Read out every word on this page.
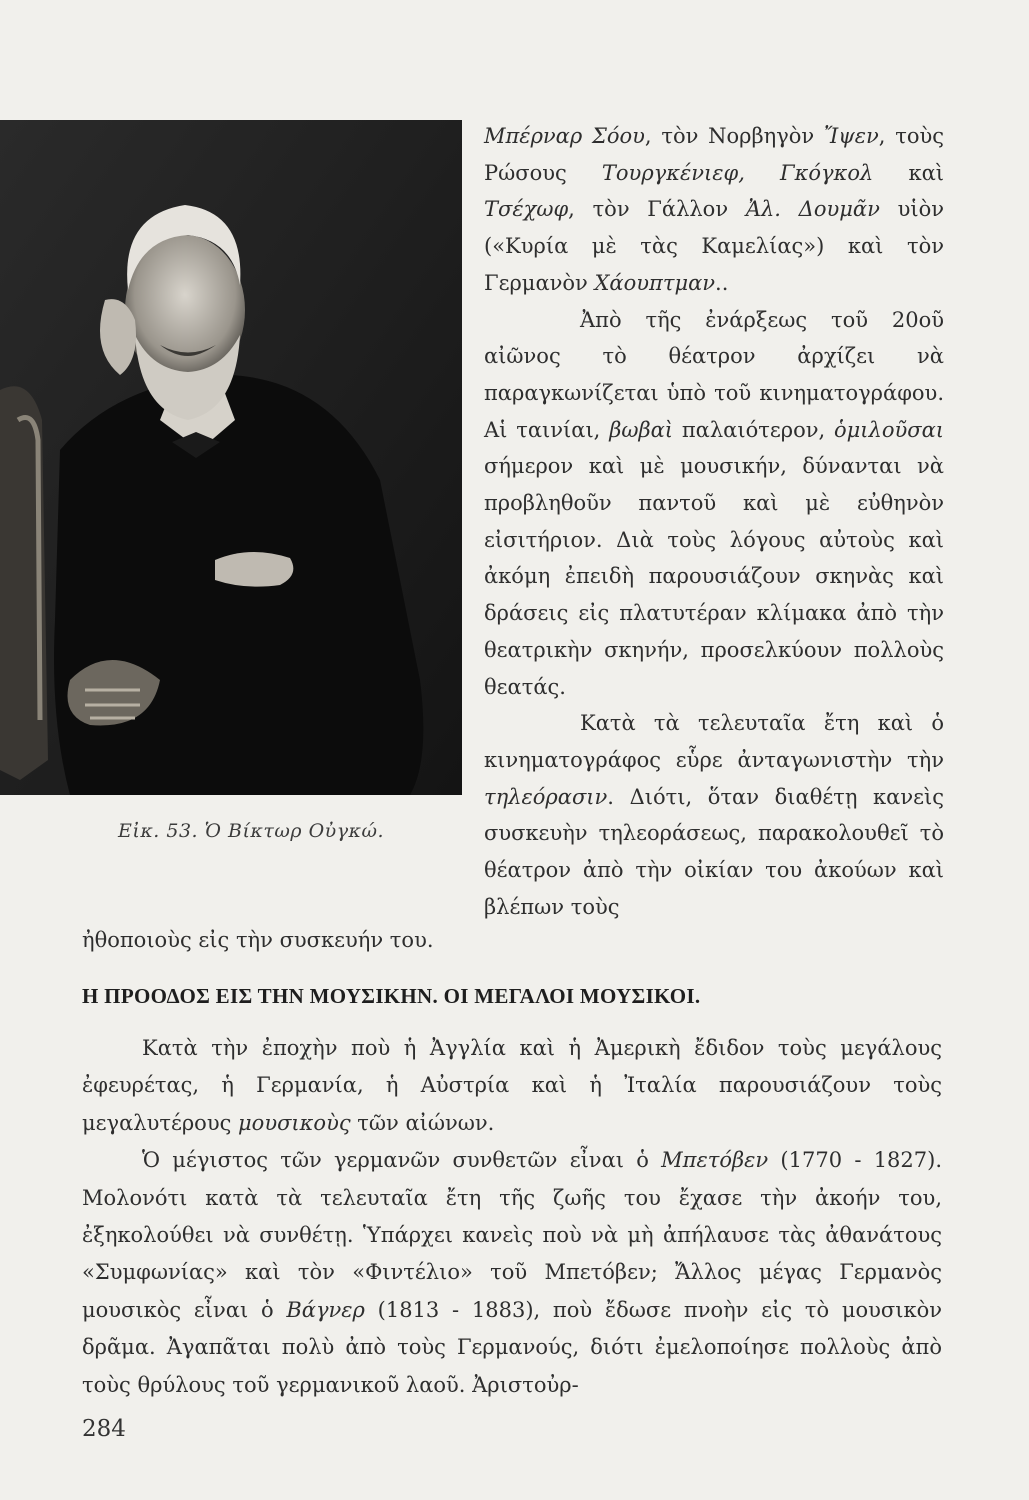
Εἰκ. 53. Ὁ Βίκτωρ Οὐγκώ.

Μπέρναρ Σόου, τὸν Νορβηγὸν Ἴψεν, τοὺς Ρώσους Τουργκένιεφ, Γκόγκολ καὶ Τσέχωφ, τὸν Γάλλον Ἀλ. Δουμᾶν υἱὸν («Κυρία μὲ τὰς Καμελίας») καὶ τὸν Γερμανὸν Χάουπτμαν..

Ἀπὸ τῆς ἐνάρξεως τοῦ 20οῦ αἰῶνος τὸ θέατρον ἀρχίζει νὰ παραγκωνίζεται ὑπὸ τοῦ κινηματογράφου. Αἱ ταινίαι, βωβαὶ παλαιότερον, ὁμιλοῦσαι σήμερον καὶ μὲ μουσικήν, δύνανται νὰ προβληθοῦν παντοῦ καὶ μὲ εὐθηνὸν εἰσιτήριον. Διὰ τοὺς λόγους αὐτοὺς καὶ ἀκόμη ἐπειδὴ παρουσιάζουν σκηνὰς καὶ δράσεις εἰς πλατυτέραν κλίμακα ἀπὸ τὴν θεατρικὴν σκηνήν, προσελκύουν πολλοὺς θεατάς.

Κατὰ τὰ τελευταῖα ἔτη καὶ ὁ κινηματογράφος εὗρε ἀνταγωνιστὴν τὴν τηλεόρασιν. Διότι, ὅταν διαθέτῃ κανεὶς συσκευὴν τηλεοράσεως, παρακολουθεῖ τὸ θέατρον ἀπὸ τὴν οἰκίαν του ἀκούων καὶ βλέπων τοὺς

ἠθοποιοὺς εἰς τὴν συσκευήν του.
Η ΠΡΟΟΔΟΣ ΕΙΣ ΤΗΝ ΜΟΥΣΙΚΗΝ. ΟΙ ΜΕΓΑΛΟΙ ΜΟΥΣΙΚΟΙ.

Κατὰ τὴν ἐποχὴν ποὺ ἡ Ἀγγλία καὶ ἡ Ἀμερικὴ ἔδιδον τοὺς μεγάλους ἐφευρέτας, ἡ Γερμανία, ἡ Αὐστρία καὶ ἡ Ἰταλία παρουσιάζουν τοὺς μεγαλυτέρους μουσικοὺς τῶν αἰώνων.

Ὁ μέγιστος τῶν γερμανῶν συνθετῶν εἶναι ὁ Μπετόβεν (1770 - 1827). Μολονότι κατὰ τὰ τελευταῖα ἔτη τῆς ζωῆς του ἔχασε τὴν ἀκοήν του, ἐξηκολούθει νὰ συνθέτῃ. Ὑπάρχει κανεὶς ποὺ νὰ μὴ ἀπήλαυσε τὰς ἀθανάτους «Συμφωνίας» καὶ τὸν «Φιντέλιο» τοῦ Μπετόβεν; Ἄλλος μέγας Γερμανὸς μουσικὸς εἶναι ὁ Βάγνερ (1813 - 1883), ποὺ ἔδωσε πνοὴν εἰς τὸ μουσικὸν δρᾶμα. Ἀγαπᾶται πολὺ ἀπὸ τοὺς Γερμανούς, διότι ἐμελοποίησε πολλοὺς ἀπὸ τοὺς θρύλους τοῦ γερμανικοῦ λαοῦ. Ἀριστοὐρ-

284
